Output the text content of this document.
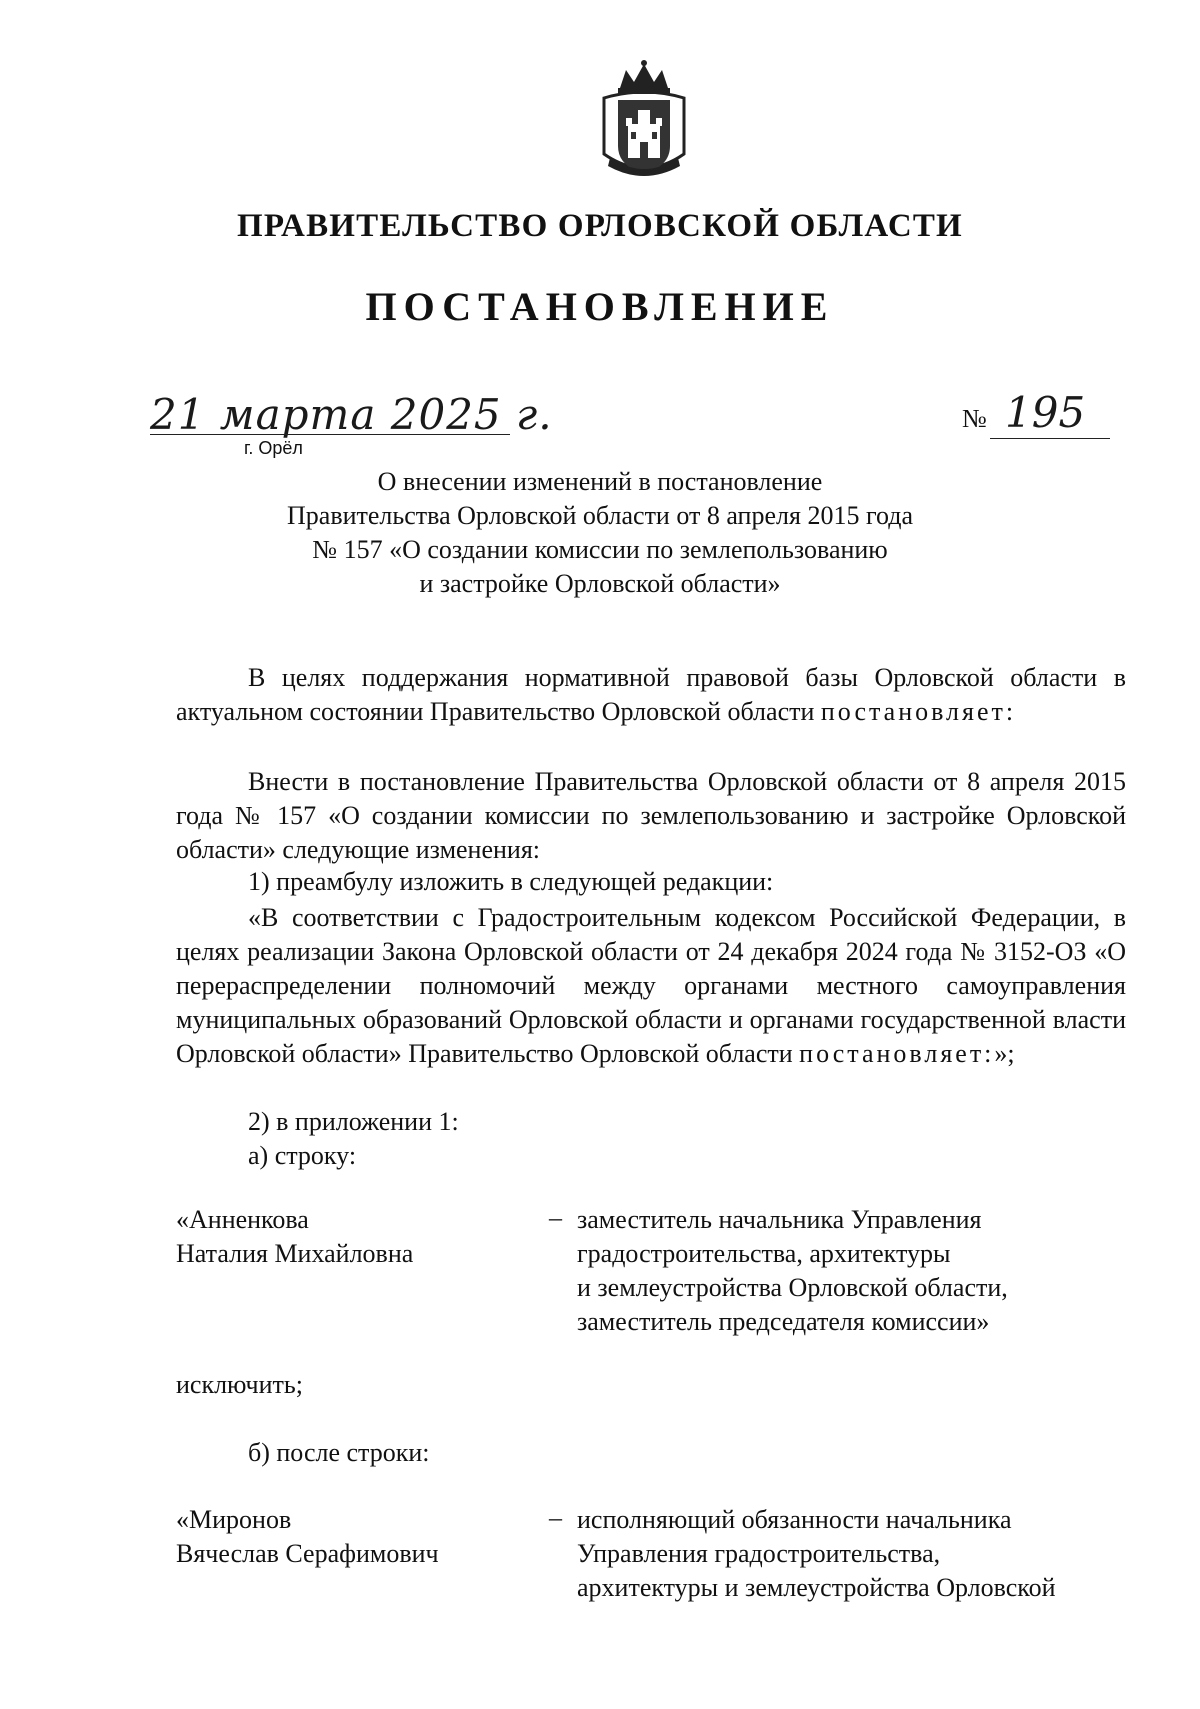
ПРАВИТЕЛЬСТВО ОРЛОВСКОЙ ОБЛАСТИ
ПОСТАНОВЛЕНИЕ
21 марта 2025 г.
г. Орёл
№ 195
О внесении изменений в постановление
Правительства Орловской области от 8 апреля 2015 года
№ 157 «О создании комиссии по землепользованию
и застройке Орловской области»
В целях поддержания нормативной правовой базы Орловской области в актуальном состоянии Правительство Орловской области постановляет:
Внести в постановление Правительства Орловской области от 8 апреля 2015 года № 157 «О создании комиссии по землепользованию и застройке Орловской области» следующие изменения:
1) преамбулу изложить в следующей редакции:
«В соответствии с Градостроительным кодексом Российской Федерации, в целях реализации Закона Орловской области от 24 декабря 2024 года № 3152-ОЗ «О перераспределении полномочий между органами местного самоуправления муниципальных образований Орловской области и органами государственной власти Орловской области» Правительство Орловской области постановляет:»;
2) в приложении 1:
а) строку:
«Анненкова
Наталия Михайловна
– заместитель начальника Управления
градостроительства, архитектуры
и землеустройства Орловской области,
заместитель председателя комиссии»
исключить;
б) после строки:
«Миронов
Вячеслав Серафимович
– исполняющий обязанности начальника
Управления градостроительства,
архитектуры и землеустройства Орловской
